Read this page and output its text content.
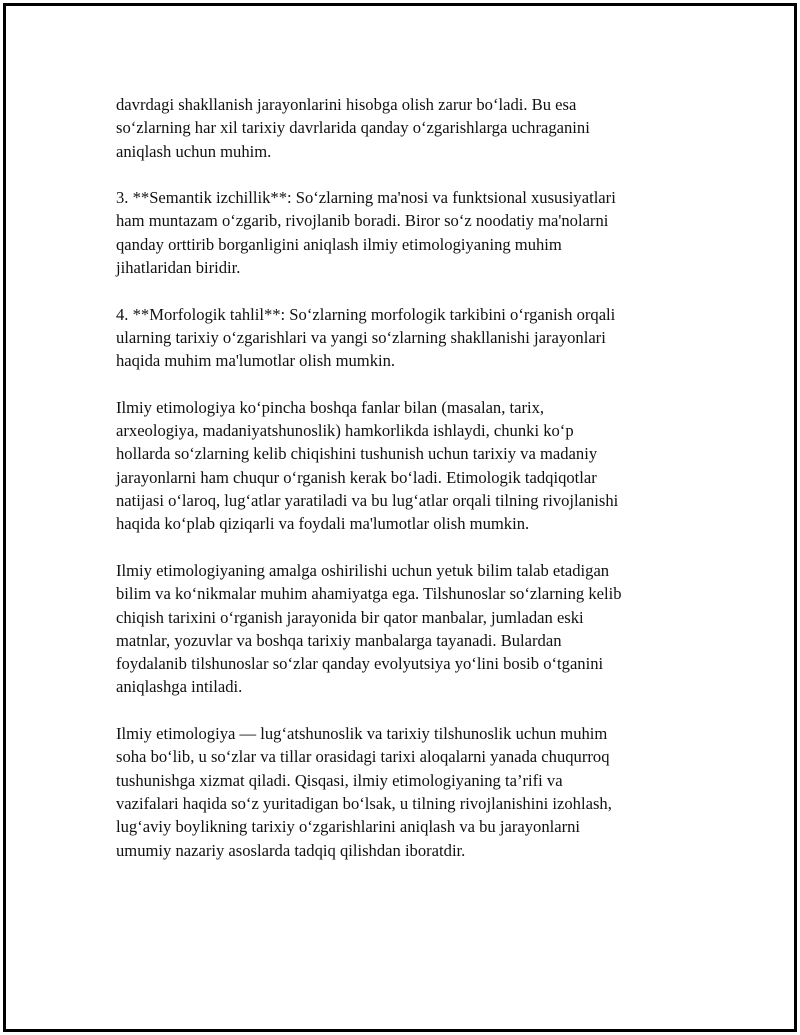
davrdagi shakllanish jarayonlarini hisobga olish zarur bo‘ladi. Bu esa
so‘zlarning har xil tarixiy davrlarida qanday o‘zgarishlarga uchraganini
aniqlash uchun muhim.

3. **Semantik izchillik**: So‘zlarning ma'nosi va funktsional xususiyatlari
ham muntazam o‘zgarib, rivojlanib boradi. Biror so‘z noodatiy ma'nolarni
qanday orttirib borganligini aniqlash ilmiy etimologiyaning muhim
jihatlaridan biridir.

4. **Morfologik tahlil**: So‘zlarning morfologik tarkibini o‘rganish orqali
ularning tarixiy o‘zgarishlari va yangi so‘zlarning shakllanishi jarayonlari
haqida muhim ma'lumotlar olish mumkin.

Ilmiy etimologiya ko‘pincha boshqa fanlar bilan (masalan, tarix,
arxeologiya, madaniyatshunoslik) hamkorlikda ishlaydi, chunki ko‘p
hollarda so‘zlarning kelib chiqishini tushunish uchun tarixiy va madaniy
jarayonlarni ham chuqur o‘rganish kerak bo‘ladi. Etimologik tadqiqotlar
natijasi o‘laroq, lug‘atlar yaratiladi va bu lug‘atlar orqali tilning rivojlanishi
haqida ko‘plab qiziqarli va foydali ma'lumotlar olish mumkin.

Ilmiy etimologiyaning amalga oshirilishi uchun yetuk bilim talab etadigan
bilim va ko‘nikmalar muhim ahamiyatga ega. Tilshunoslar so‘zlarning kelib
chiqish tarixini o‘rganish jarayonida bir qator manbalar, jumladan eski
matnlar, yozuvlar va boshqa tarixiy manbalarga tayanadi. Bulardan
foydalanib tilshunoslar so‘zlar qanday evolyutsiya yo‘lini bosib o‘tganini
aniqlashga intiladi.

Ilmiy etimologiya — lug‘atshunoslik va tarixiy tilshunoslik uchun muhim
soha bo‘lib, u so‘zlar va tillar orasidagi tarixi aloqalarni yanada chuqurroq
tushunishga xizmat qiladi. Qisqasi, ilmiy etimologiyaning ta’rifi va
vazifalari haqida so‘z yuritadigan bo‘lsak, u tilning rivojlanishini izohlash,
lug‘aviy boylikning tarixiy o‘zgarishlarini aniqlash va bu jarayonlarni
umumiy nazariy asoslarda tadqiq qilishdan iboratdir.
